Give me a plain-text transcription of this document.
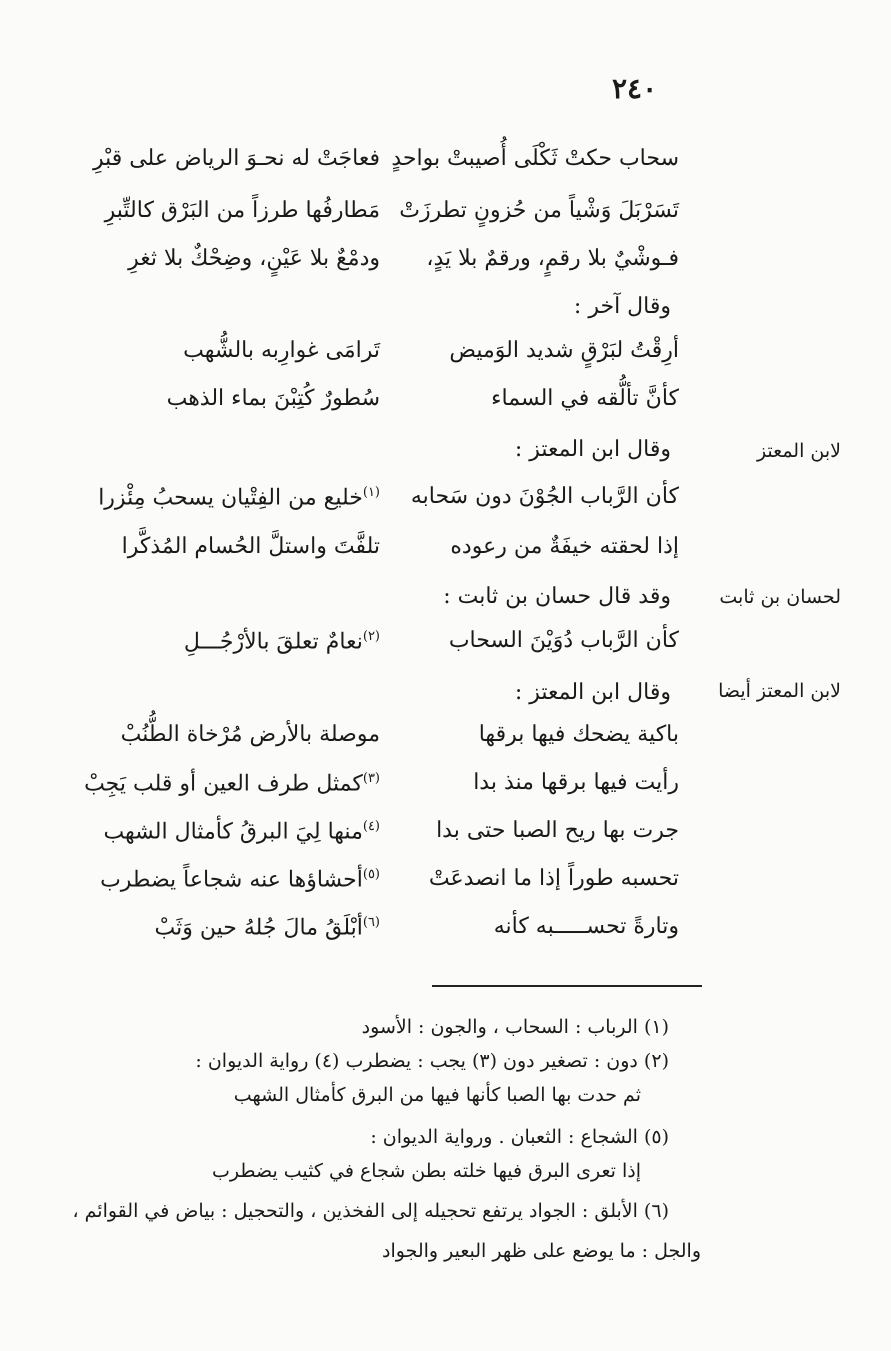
٢٤٠
سحاب حكتْ ثَكْلَى أُصيبتْ بواحدٍ
فعاجَتْ له نحـوَ الرياض على قبْرِ
تَسَرْبَلَ وَشْياً من حُزونٍ تطرزَتْ
مَطارفُها طرزاً من البَرْق كالتِّبرِ
فـوشْيٌ بلا رقمٍ، ورقمٌ بلا يَدٍ،
ودمْعٌ بلا عَيْنٍ، وضِحْكٌ بلا ثغرِ
وقال آخر :
أرِقْتُ لبَرْقٍ شديد الوَميض
تَرامَى غوارِبه بالشُّهب
كأنَّ تألُّقه في السماء
سُطورٌ كُتِبْنَ بماء الذهب
لابن المعتز
وقال ابن المعتز :
كأن الرَّباب الجُوْنَ دون سَحابه
$^{(١)}$خليع من الفِتْيان يسحبُ مِئْزرا
إذا لحقته خيفَةٌ من رعوده
تلفَّتَ واستلَّ الحُسام المُذكَّرا
لحسان بن ثابت
وقد قال حسان بن ثابت :
كأن الرَّباب دُوَيْنَ السحاب
$^{(٢)}$نعامٌ تعلقَ بالأرْجُـــلِ
لابن المعتز أيضا
وقال ابن المعتز :
باكية يضحك فيها برقها
موصلة بالأرض مُرْخاة الطُّنُبْ
رأيت فيها برقها منذ بدا
$^{(٣)}$كمثل طرف العين أو قلب يَجِبْ
جرت بها ريح الصبا حتى بدا
$^{(٤)}$منها لِيَ البرقُ كأمثال الشهب
تحسبه طوراً إذا ما انصدعَتْ
$^{(٥)}$أحشاؤها عنه شجاعاً يضطرب
وتارةً تحســـــبه كأنه
$^{(٦)}$أبْلَقُ مالَ جُلهُ حين وَثَبْ
(١) الرباب : السحاب ، والجون : الأسود
(٢) دون : تصغير دون (٣) يجب : يضطرب (٤) رواية الديوان :
ثم حدت بها الصبا كأنها فيها من البرق كأمثال الشهب
(٥) الشجاع : الثعبان . ورواية الديوان :
إذا تعرى البرق فيها خلته بطن شجاع في كثيب يضطرب
(٦) الأبلق : الجواد يرتفع تحجيله إلى الفخذين ، والتحجيل : بياض في القوائم ،
والجل : ما يوضع على ظهر البعير والجواد
